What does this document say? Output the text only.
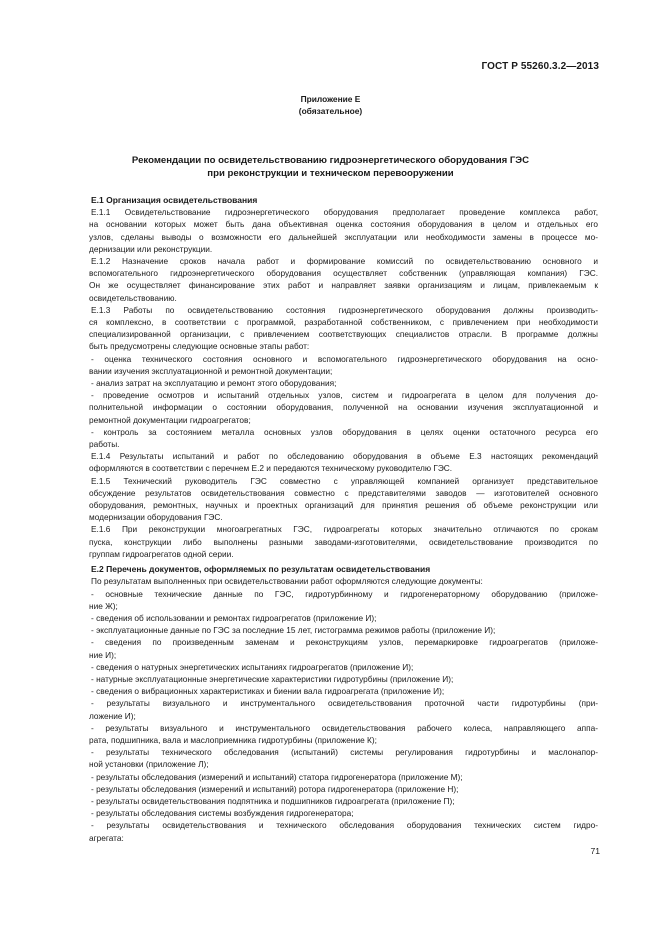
ГОСТ Р 55260.3.2—2013
Приложение Е
(обязательное)
Рекомендации по освидетельствованию гидроэнергетического оборудования ГЭС
при реконструкции и техническом перевооружении
Е.1 Организация освидетельствования
Е.1.1 Освидетельствование гидроэнергетического оборудования предполагает проведение комплекса работ,
на основании которых может быть дана объективная оценка состояния оборудования в целом и отдельных его
узлов, сделаны выводы о возможности его дальнейшей эксплуатации или необходимости замены в процессе мо-
дернизации или реконструкции.
Е.1.2 Назначение сроков начала работ и формирование комиссий по освидетельствованию основного и
вспомогательного гидроэнергетического оборудования осуществляет собственник (управляющая компания) ГЭС.
Он же осуществляет финансирование этих работ и направляет заявки организациям и лицам, привлекаемым к
освидетельствованию.
Е.1.3 Работы по освидетельствованию состояния гидроэнергетического оборудования должны производить-
ся комплексно, в соответствии с программой, разработанной собственником, с привлечением при необходимости
специализированной организации, с привлечением соответствующих специалистов отрасли. В программе должны
быть предусмотрены следующие основные этапы работ:
- оценка технического состояния основного и вспомогательного гидроэнергетического оборудования на осно-
вании изучения эксплуатационной и ремонтной документации;
- анализ затрат на эксплуатацию и ремонт этого оборудования;
- проведение осмотров и испытаний отдельных узлов, систем и гидроагрегата в целом для получения до-
полнительной информации о состоянии оборудования, полученной на основании изучения эксплуатационной и
ремонтной документации гидроагрегатов;
- контроль за состоянием металла основных узлов оборудования в целях оценки остаточного ресурса его
работы.
Е.1.4 Результаты испытаний и работ по обследованию оборудования в объеме Е.3 настоящих рекомендаций
оформляются в соответствии с перечнем Е.2 и передаются техническому руководителю ГЭС.
Е.1.5 Технический руководитель ГЭС совместно с управляющей компанией организует представительное
обсуждение результатов освидетельствования совместно с представителями заводов — изготовителей основного
оборудования, ремонтных, научных и проектных организаций для принятия решения об объеме реконструкции или
модернизации оборудования ГЭС.
Е.1.6 При реконструкции многоагрегатных ГЭС, гидроагрегаты которых значительно отличаются по срокам
пуска, конструкции либо выполнены разными заводами-изготовителями, освидетельствование производится по
группам гидроагрегатов одной серии.
Е.2 Перечень документов, оформляемых по результатам освидетельствования
По результатам выполненных при освидетельствовании работ оформляются следующие документы:
- основные технические данные по ГЭС, гидротурбинному и гидрогенераторному оборудованию (приложе-
ние Ж);
- сведения об использовании и ремонтах гидроагрегатов (приложение И);
- эксплуатационные данные по ГЭС за последние 15 лет, гистограмма режимов работы (приложение И);
- сведения по произведенным заменам и реконструкциям узлов, перемаркировке гидроагрегатов (приложе-
ние И);
- сведения о натурных энергетических испытаниях гидроагрегатов (приложение И);
- натурные эксплуатационные энергетические характеристики гидротурбины (приложение И);
- сведения о вибрационных характеристиках и биении вала гидроагрегата (приложение И);
- результаты визуального и инструментального освидетельствования проточной части гидротурбины (при-
ложение И);
- результаты визуального и инструментального освидетельствования рабочего колеса, направляющего аппа-
рата, подшипника, вала и маслоприемника гидротурбины (приложение К);
- результаты технического обследования (испытаний) системы регулирования гидротурбины и маслонапор-
ной установки (приложение Л);
- результаты обследования (измерений и испытаний) статора гидрогенератора (приложение М);
- результаты обследования (измерений и испытаний) ротора гидрогенератора (приложение Н);
- результаты освидетельствования подпятника и подшипников гидроагрегата (приложение П);
- результаты обследования системы возбуждения гидрогенератора;
- результаты освидетельствования и технического обследования оборудования технических систем гидро-
агрегата:
71
